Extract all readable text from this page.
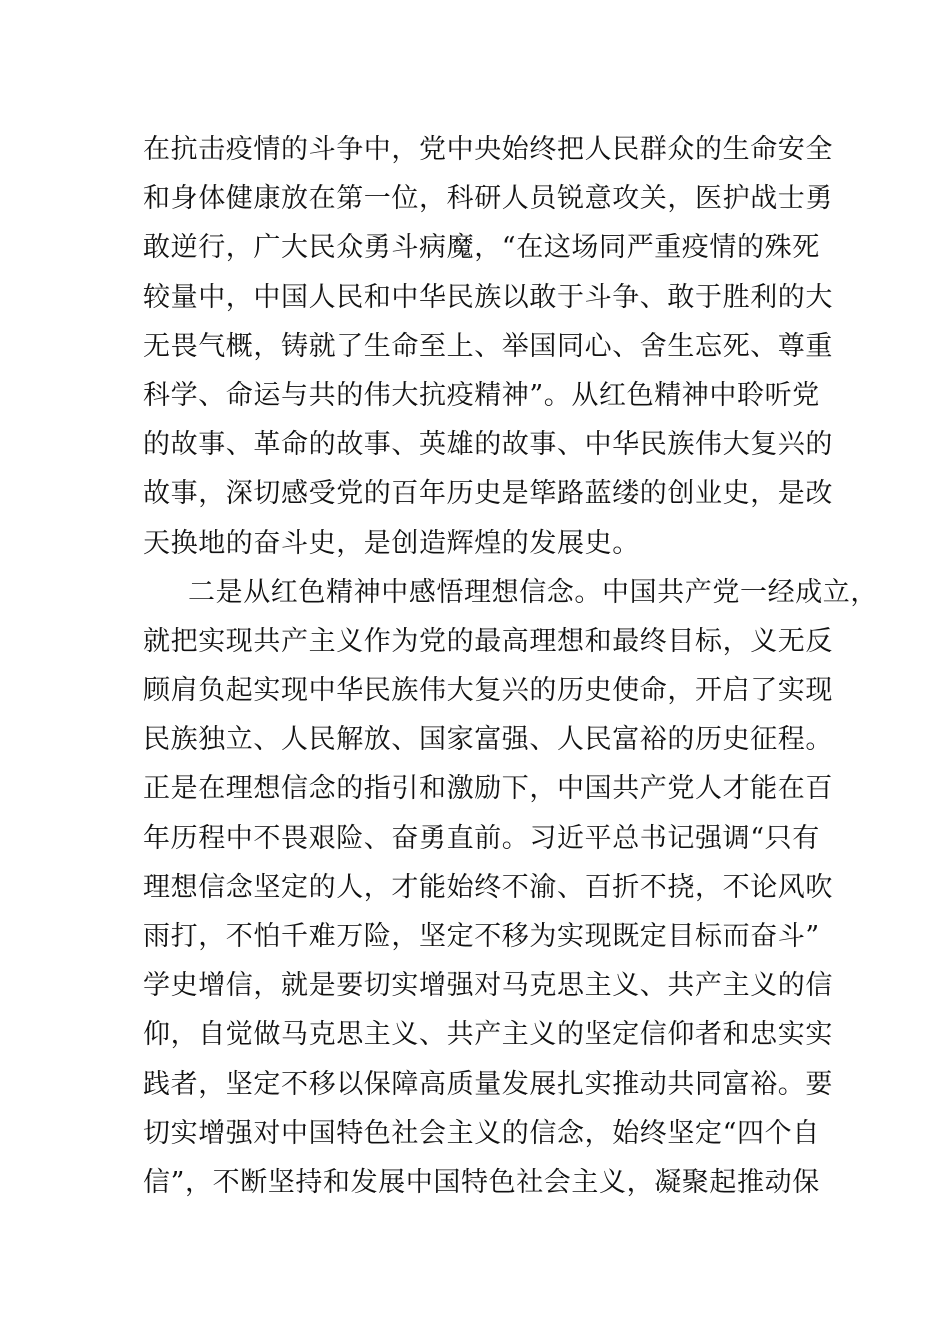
在抗击疫情的斗争中，党中央始终把人民群众的生命安全
和身体健康放在第一位，科研人员锐意攻关，医护战士勇
敢逆行，广大民众勇斗病魔，“在这场同严重疫情的殊死
较量中，中国人民和中华民族以敢于斗争、敢于胜利的大
无畏气概，铸就了生命至上、举国同心、舍生忘死、尊重
科学、命运与共的伟大抗疫精神”。从红色精神中聆听党
的故事、革命的故事、英雄的故事、中华民族伟大复兴的
故事，深切感受党的百年历史是筚路蓝缕的创业史，是改
天换地的奋斗史，是创造辉煌的发展史。
二是从红色精神中感悟理想信念。中国共产党一经成立，
就把实现共产主义作为党的最高理想和最终目标，义无反
顾肩负起实现中华民族伟大复兴的历史使命，开启了实现
民族独立、人民解放、国家富强、人民富裕的历史征程。
正是在理想信念的指引和激励下，中国共产党人才能在百
年历程中不畏艰险、奋勇直前。习近平总书记强调“只有
理想信念坚定的人，才能始终不渝、百折不挠，不论风吹
雨打，不怕千难万险，坚定不移为实现既定目标而奋斗”
学史增信，就是要切实增强对马克思主义、共产主义的信
仰，自觉做马克思主义、共产主义的坚定信仰者和忠实实
践者，坚定不移以保障高质量发展扎实推动共同富裕。要
切实增强对中国特色社会主义的信念，始终坚定“四个自
信”，不断坚持和发展中国特色社会主义，凝聚起推动保
